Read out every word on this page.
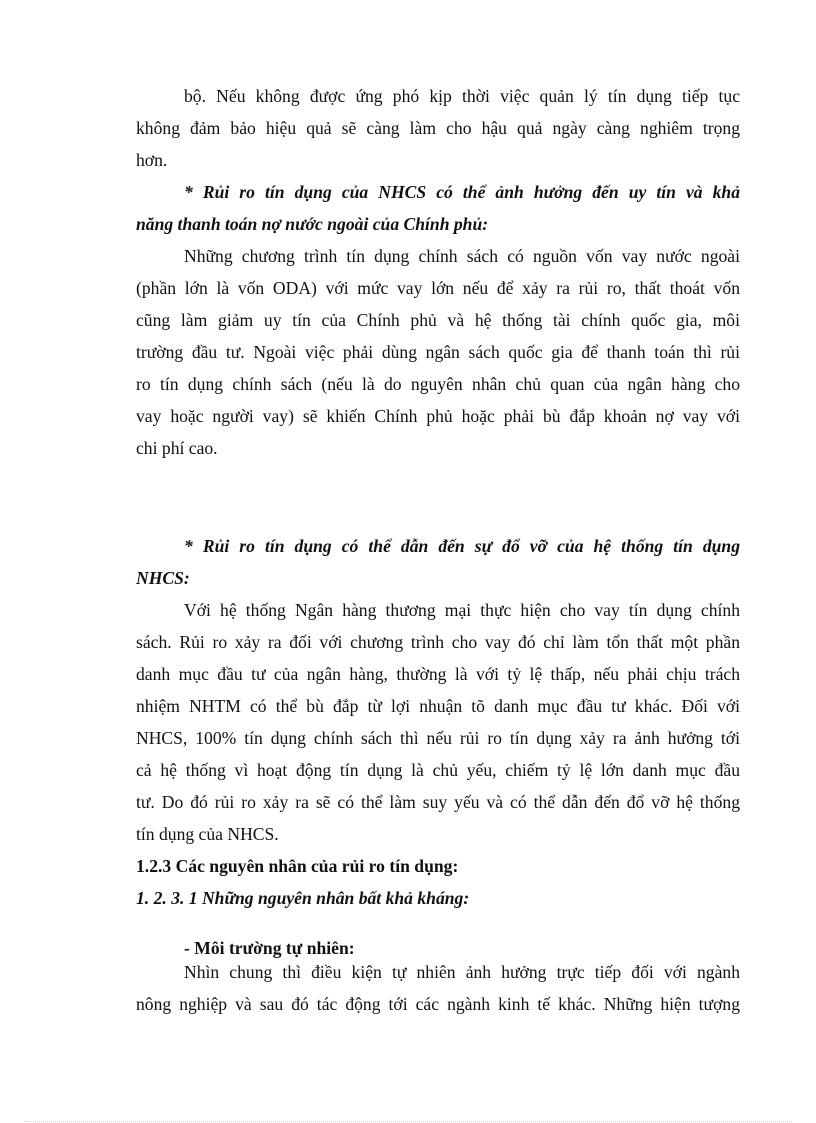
bộ. Nếu không được ứng phó kịp thời việc quản lý tín dụng tiếp tục
không đảm bảo hiệu quả sẽ càng làm cho hậu quả ngày càng nghiêm trọng
hơn.
* Rủi ro tín dụng của NHCS có thể ảnh hưởng đến uy tín và khả
năng thanh toán nợ nước ngoài của Chính phủ:
Những chương trình tín dụng chính sách có nguồn vốn vay nước ngoài
(phần lớn là vốn ODA) với mức vay lớn nếu để xảy ra rủi ro, thất thoát vốn
cũng làm giảm uy tín của Chính phủ và hệ thống tài chính quốc gia, môi
trường đầu tư. Ngoài việc phải dùng ngân sách quốc gia để thanh toán thì rủi
ro tín dụng chính sách (nếu là do nguyên nhân chủ quan của ngân hàng cho
vay hoặc người vay) sẽ khiến Chính phủ hoặc phải bù đắp khoản nợ vay với
chi phí cao.
* Rủi ro tín dụng có thể dẫn đến sự đổ vỡ của hệ thống tín dụng
NHCS:
Với hệ thống Ngân hàng thương mại thực hiện cho vay tín dụng chính
sách. Rủi ro xảy ra đối với chương trình cho vay đó chỉ làm tổn thất một phần
danh mục đầu tư của ngân hàng, thường là với tỷ lệ thấp, nếu phải chịu trách
nhiệm NHTM có thể bù đắp từ lợi nhuận tõ danh mục đầu tư khác. Đối với
NHCS, 100% tín dụng chính sách thì nếu rủi ro tín dụng xảy ra ảnh hưởng tới
cả hệ thống vì hoạt động tín dụng là chủ yếu, chiếm tỷ lệ lớn danh mục đầu
tư. Do đó rủi ro xảy ra sẽ có thể làm suy yếu và có thể dẫn đến đổ vỡ hệ thống
tín dụng của NHCS.
1.2.3 Các nguyên nhân của rủi ro tín dụng:
1. 2. 3. 1 Những nguyên nhân bất khả kháng:
- Môi trường tự nhiên:
Nhìn chung thì điều kiện tự nhiên ảnh hưởng trực tiếp đối với ngành
nông nghiệp và sau đó tác động tới các ngành kinh tế khác. Những hiện tượng
